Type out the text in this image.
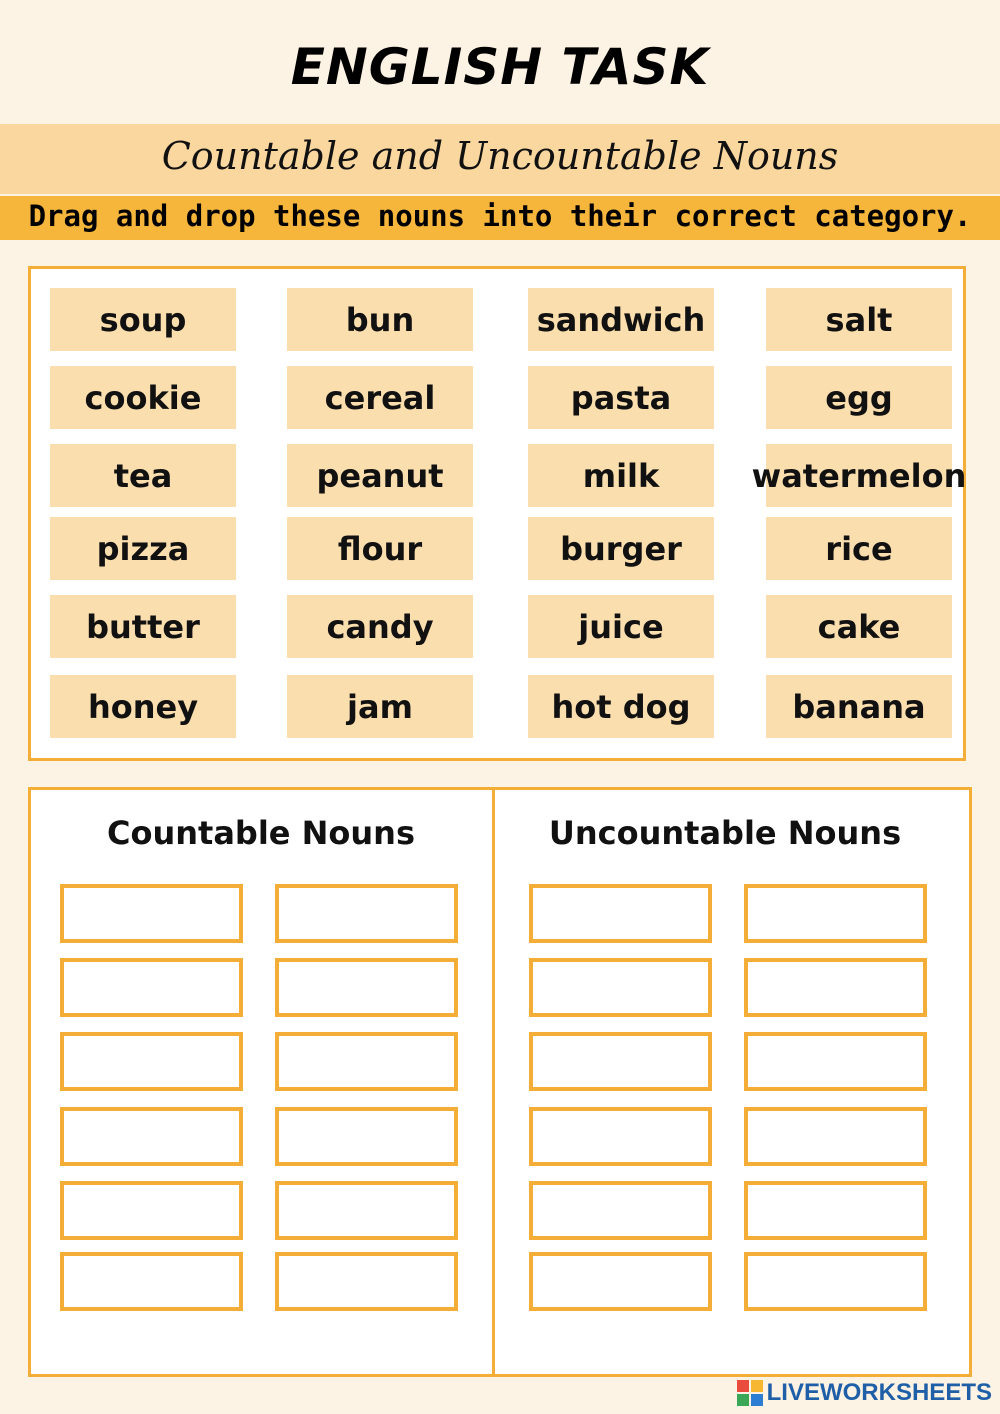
ENGLISH TASK
Countable and Uncountable Nouns
Drag and drop these nouns into their correct category.
soup	bun	sandwich	salt
cookie	cereal	pasta	egg
tea	peanut	milk	watermelon
pizza	flour	burger	rice
butter	candy	juice	cake
honey	jam	hot dog	banana
Countable Nouns	Uncountable Nouns
LIVEWORKSHEETS
